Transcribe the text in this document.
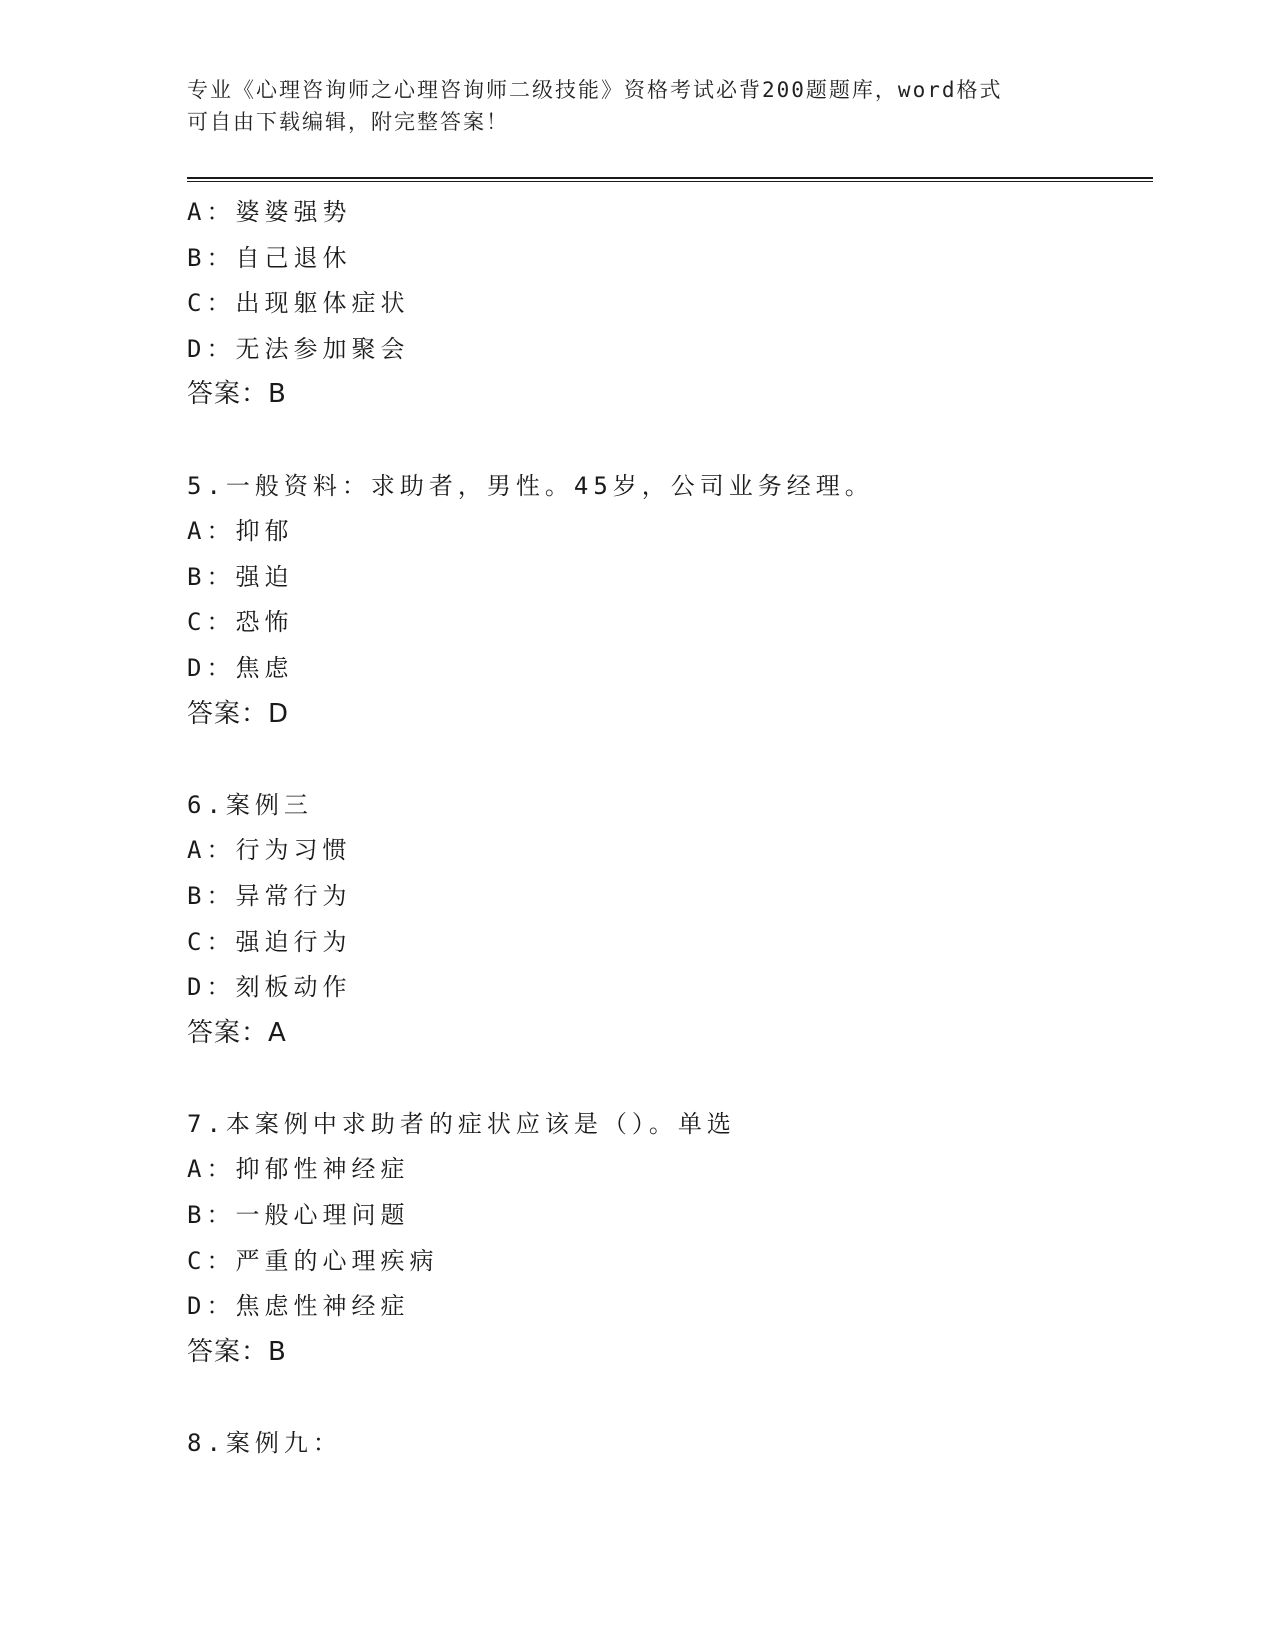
专业《心理咨询师之心理咨询师二级技能》资格考试必背200题题库，word格式
可自由下载编辑，附完整答案！
A：婆婆强势
B：自己退休
C：出现躯体症状
D：无法参加聚会
答案：B
5.一般资料：求助者，男性。45岁，公司业务经理。
A：抑郁
B：强迫
C：恐怖
D：焦虑
答案：D
6.案例三
A：行为习惯
B：异常行为
C：强迫行为
D：刻板动作
答案：A
7.本案例中求助者的症状应该是（）。单选
A：抑郁性神经症
B：一般心理问题
C：严重的心理疾病
D：焦虑性神经症
答案：B
8.案例九：
